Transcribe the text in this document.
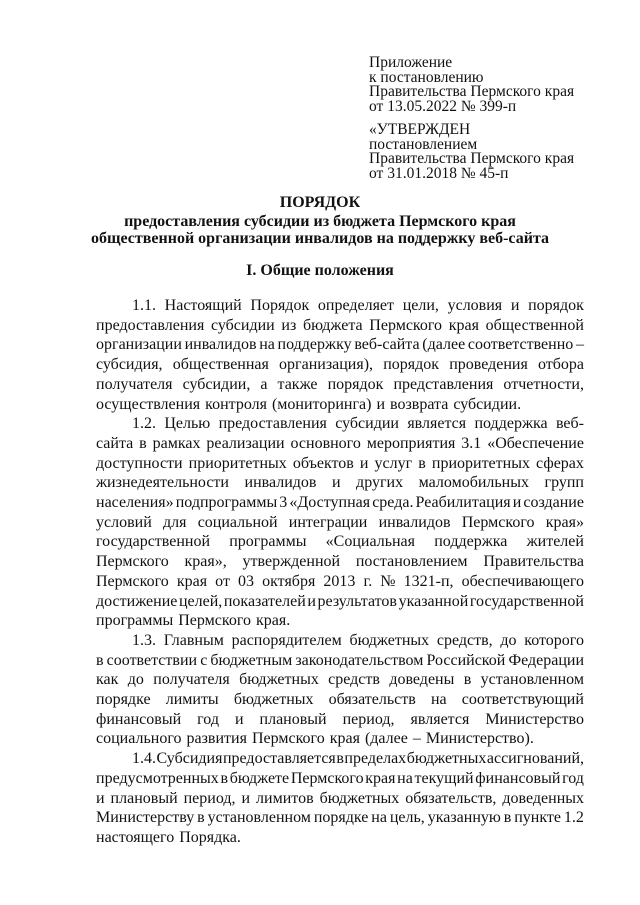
Приложение
к постановлению
Правительства Пермского края
от 13.05.2022 № 399-п
«УТВЕРЖДЕН
постановлением
Правительства Пермского края
от 31.01.2018 № 45-п
ПОРЯДОК
предоставления субсидии из бюджета Пермского края
общественной организации инвалидов на поддержку веб-сайта
I. Общие положения
1.1. Настоящий Порядок определяет цели, условия и порядок
предоставления субсидии из бюджета Пермского края общественной
организации инвалидов на поддержку веб-сайта (далее соответственно –
субсидия, общественная организация), порядок проведения отбора
получателя субсидии, а также порядок представления отчетности,
осуществления контроля (мониторинга) и возврата субсидии.
1.2. Целью предоставления субсидии является поддержка веб-
сайта в рамках реализации основного мероприятия 3.1 «Обеспечение
доступности приоритетных объектов и услуг в приоритетных сферах
жизнедеятельности инвалидов и других маломобильных групп
населения» подпрограммы 3 «Доступная среда. Реабилитация и создание
условий для социальной интеграции инвалидов Пермского края»
государственной программы «Социальная поддержка жителей
Пермского края», утвержденной постановлением Правительства
Пермского края от 03 октября 2013 г. № 1321-п, обеспечивающего
достижение целей, показателей и результатов указанной государственной
программы Пермского края.
1.3. Главным распорядителем бюджетных средств, до которого
в соответствии с бюджетным законодательством Российской Федерации
как до получателя бюджетных средств доведены в установленном
порядке лимиты бюджетных обязательств на соответствующий
финансовый год и плановый период, является Министерство
социального развития Пермского края (далее – Министерство).
1.4. Субсидия предоставляется в пределах бюджетных ассигнований,
предусмотренных в бюджете Пермского края на текущий финансовый год
и плановый период, и лимитов бюджетных обязательств, доведенных
Министерству в установленном порядке на цель, указанную в пункте 1.2
настоящего Порядка.
